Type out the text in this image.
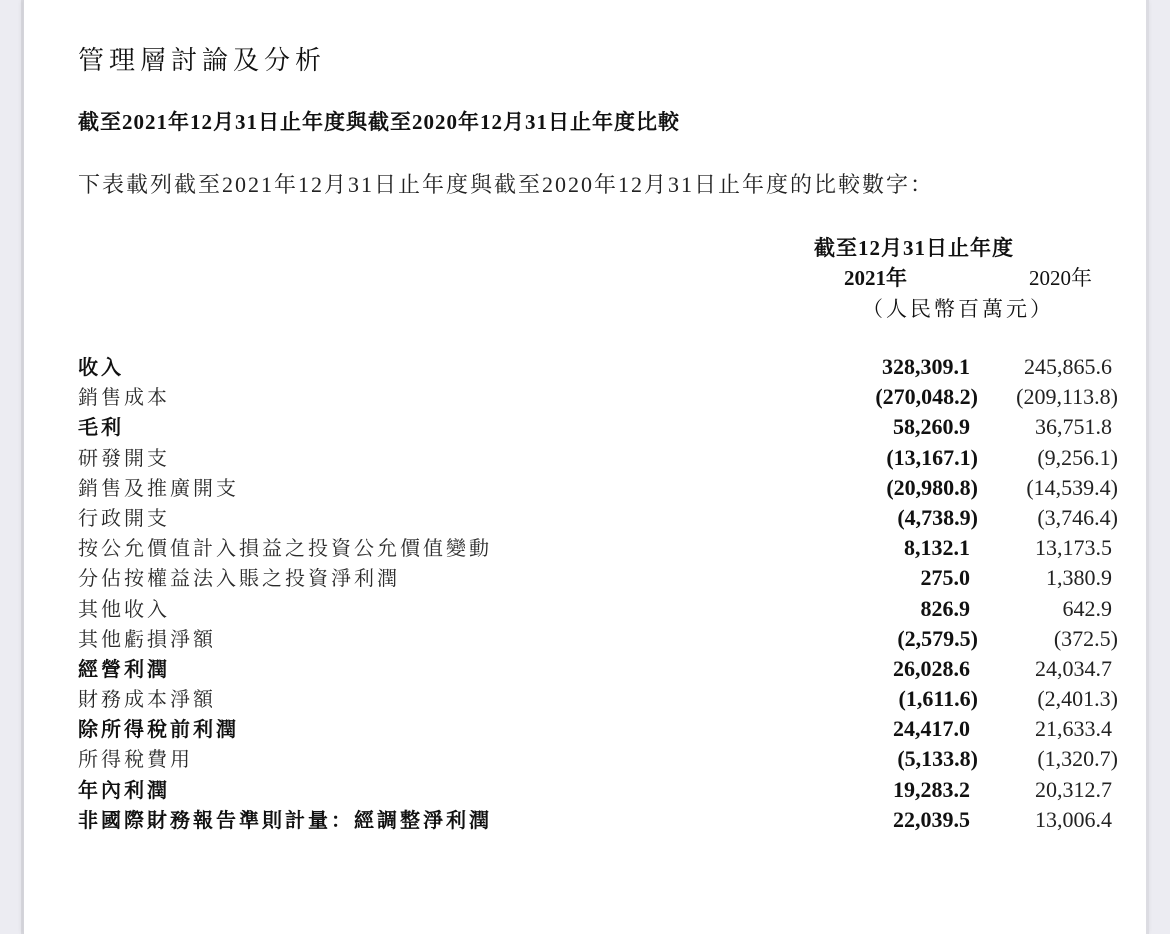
管理層討論及分析
截至2021年12月31日止年度與截至2020年12月31日止年度比較

下表載列截至2021年12月31日止年度與截至2020年12月31日止年度的比較數字：

截至12月31日止年度
2021年	2020年
（人民幣百萬元）
收入	328,309.1 245,865.6
銷售成本	(270,048.2) (209,113.8)
毛利	58,260.9	36,751.8
研發開支	(13,167.1)	(9,256.1)
銷售及推廣開支	(20,980.8) (14,539.4)
行政開支	(4,738.9)	(3,746.4)
按公允價值計入損益之投資公允價值變動	8,132.1	13,173.5
分佔按權益法入賬之投資淨利潤	275.0	1,380.9
其他收入	826.9	642.9
其他虧損淨額	(2,579.5)	(372.5)
經營利潤	26,028.6	24,034.7
財務成本淨額	(1,611.6)	(2,401.3)
除所得稅前利潤	24,417.0	21,633.4
所得稅費用	(5,133.8)	(1,320.7)
年內利潤	19,283.2	20,312.7
非國際財務報告準則計量：經調整淨利潤	22,039.5	13,006.4
